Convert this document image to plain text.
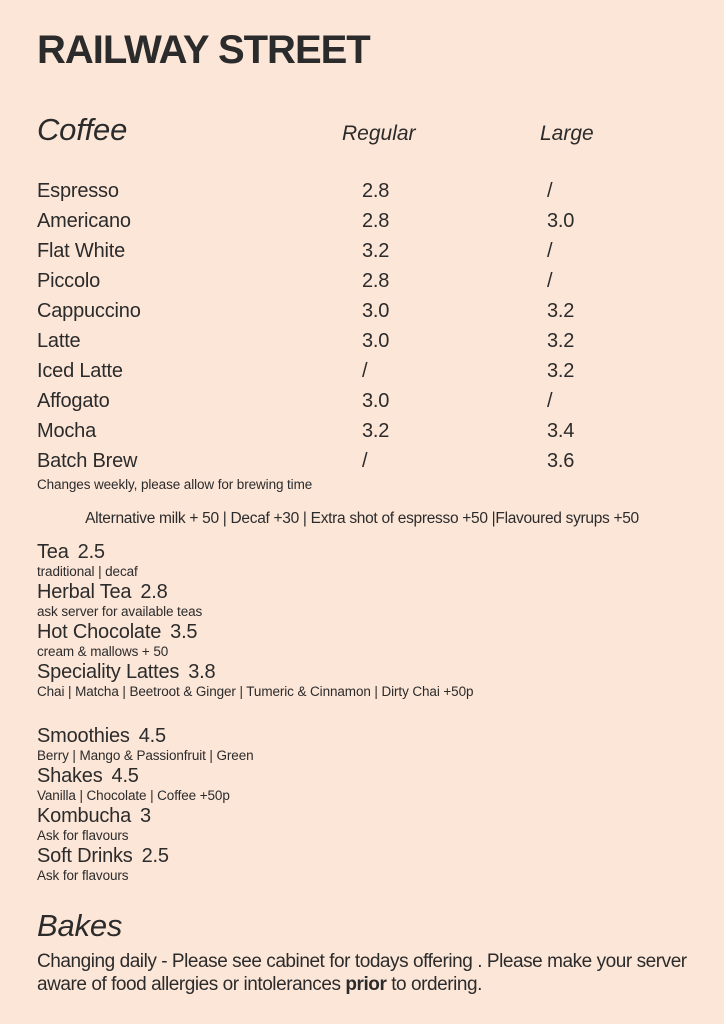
RAILWAY STREET
Coffee	Regular	Large
Espresso	2.8	/
Americano	2.8	3.0
Flat White	3.2	/
Piccolo	2.8	/
Cappuccino	3.0	3.2
Latte	3.0	3.2
Iced Latte	/	3.2
Affogato	3.0	/
Mocha	3.2	3.4
Batch Brew	/	3.6
Changes weekly, please allow for brewing time
Alternative milk + 50 | Decaf +30 | Extra shot of espresso +50 |Flavoured syrups +50
Tea 2.5
traditional | decaf
Herbal Tea 2.8
ask server for available teas
Hot Chocolate 3.5
cream & mallows + 50
Speciality Lattes 3.8
Chai | Matcha | Beetroot & Ginger | Tumeric & Cinnamon | Dirty Chai +50p
Smoothies 4.5
Berry | Mango & Passionfruit | Green
Shakes 4.5
Vanilla | Chocolate | Coffee +50p
Kombucha 3
Ask for flavours
Soft Drinks 2.5
Ask for flavours
Bakes
Changing daily - Please see cabinet for todays offering . Please make your server aware of food allergies or intolerances prior to ordering.
